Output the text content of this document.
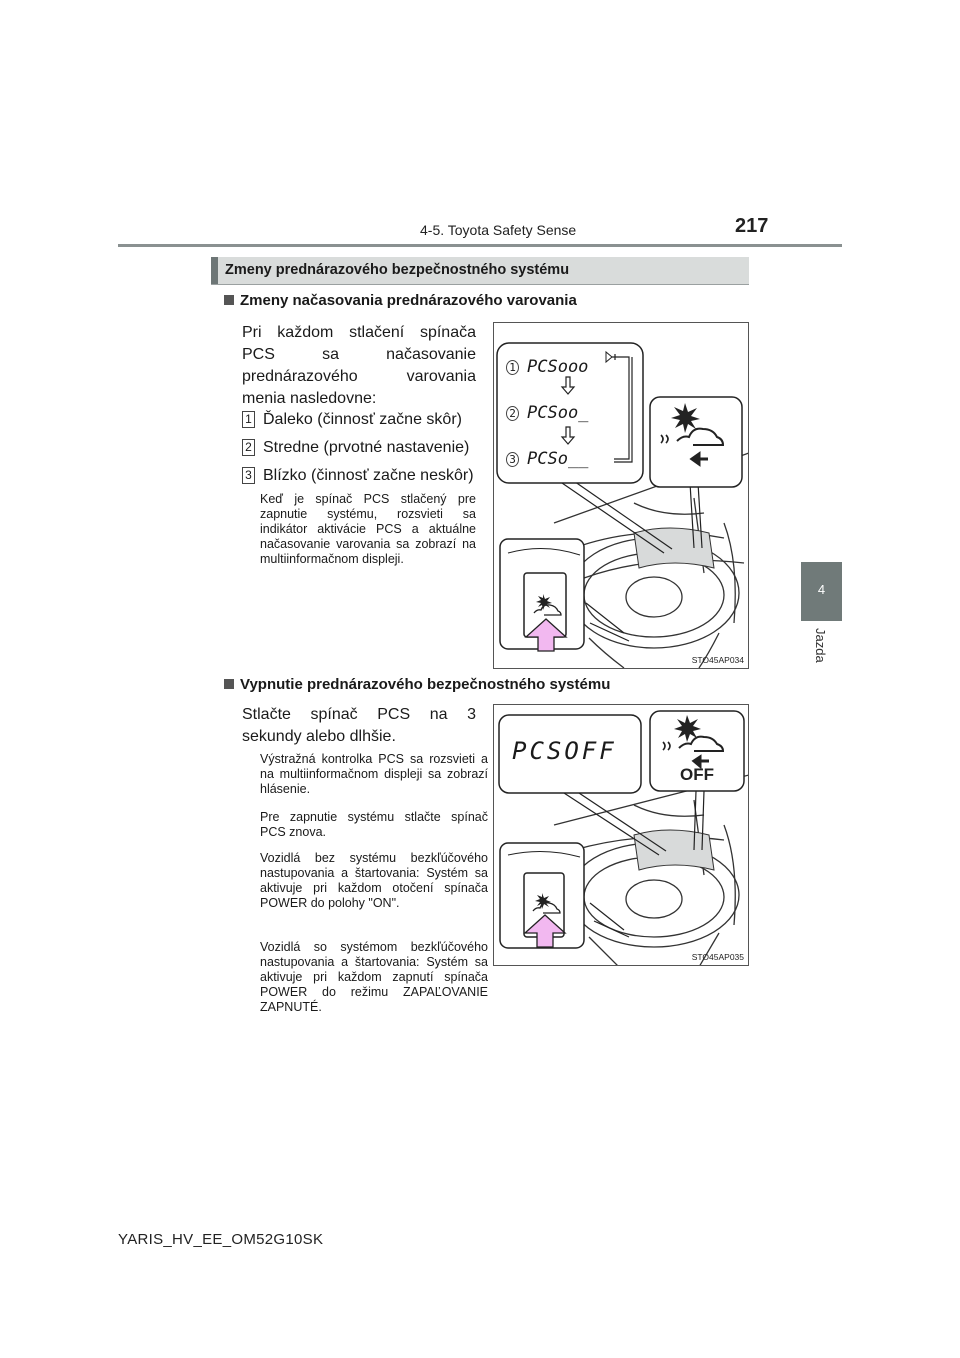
4-5. Toyota Safety Sense	217
4
Jazda
Zmeny prednárazového bezpečnostného systému
Zmeny načasovania prednárazového varovania
Pri každom stlačení spínača PCS sa načasovanie prednárazového varovania menia nasledovne:
1 Ďaleko (činnosť začne skôr)
2 Stredne (prvotné nastavenie)
3 Blízko (činnosť začne neskôr)
Keď je spínač PCS stlačený pre zapnutie systému, rozsvieti sa indikátor aktivácie PCS a aktuálne načasovanie varovania sa zobrazí na multiinformačnom displeji.
1 PCSooo
2 PCSoo_
3 PCSo__
STO45AP034
Vypnutie prednárazového bezpečnostného systému
Stlačte spínač PCS na 3 sekundy alebo dlhšie.
Výstražná kontrolka PCS sa rozsvieti a na multiinformačnom displeji sa zobrazí hlásenie.
Pre zapnutie systému stlačte spínač PCS znova.
Vozidlá bez systému bezkľúčového nastupovania a štartovania: Systém sa aktivuje pri každom otočení spínača POWER do polohy "ON".
Vozidlá so systémom bezkľúčového nastupovania a štartovania: Systém sa aktivuje pri každom zapnutí spínača POWER do režimu ZAPAĽOVANIE ZAPNUTÉ.
PCSOFF
OFF
STO45AP035
YARIS_HV_EE_OM52G10SK
